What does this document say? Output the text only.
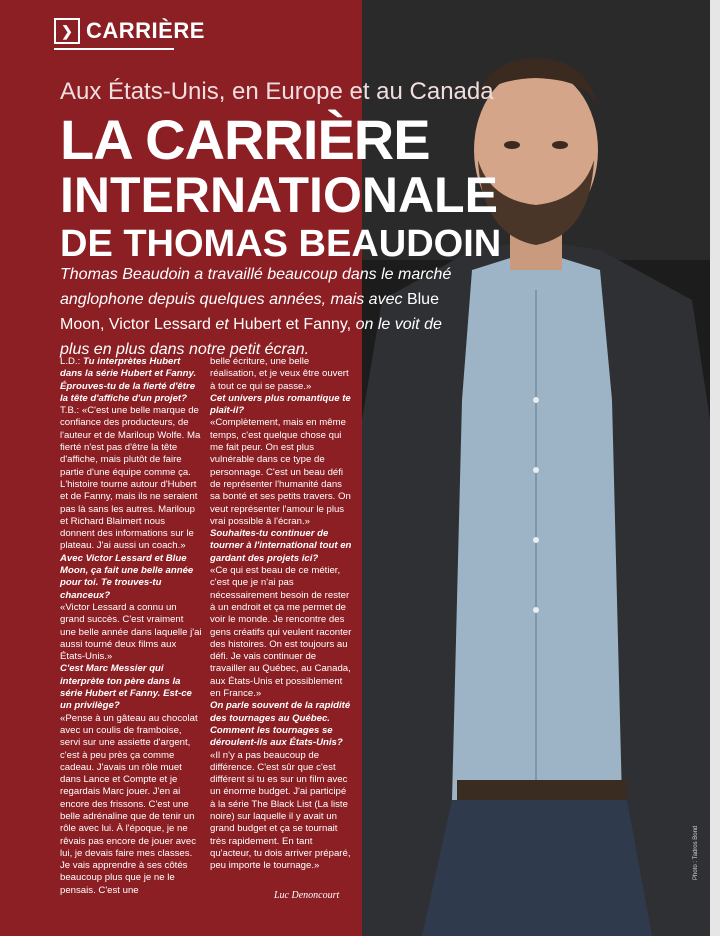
❯ CARRIÈRE
Aux États-Unis, en Europe et au Canada
LA CARRIÈRE
INTERNATIONALE
DE THOMAS BEAUDOIN
Thomas Beaudoin a travaillé beaucoup dans le marché anglophone depuis quelques années, mais avec Blue Moon, Victor Lessard et Hubert et Fanny, on le voit de plus en plus dans notre petit écran.

L.D.: Tu interprètes Hubert dans la série Hubert et Fanny. Éprouves-tu de la fierté d'être la tête d'affiche d'un projet?

T.B.: «C'est une belle marque de confiance des producteurs, de l'auteur et de Mariloup Wolfe. Ma fierté n'est pas d'être la tête d'affiche, mais plutôt de faire partie d'une équipe comme ça. L'histoire tourne autour d'Hubert et de Fanny, mais ils ne seraient pas là sans les autres. Mariloup et Richard Blaimert nous donnent des informations sur le plateau. J'ai aussi un coach.»

Avec Victor Lessard et Blue Moon, ça fait une belle année pour toi. Te trouves-tu chanceux?

«Victor Lessard a connu un grand succès. C'est vraiment une belle année dans laquelle j'ai aussi tourné deux films aux États-Unis.»

C'est Marc Messier qui interprète ton père dans la série Hubert et Fanny. Est-ce un privilège?

«Pense à un gâteau au chocolat avec un coulis de framboise, servi sur une assiette d'argent, c'est à peu près ça comme cadeau. J'avais un rôle muet dans Lance et Compte et je regardais Marc jouer. J'en ai encore des frissons. C'est une belle adrénaline que de tenir un rôle avec lui. À l'époque, je ne rêvais pas encore de jouer avec lui, je devais faire mes classes. Je vais apprendre à ses côtés beaucoup plus que je ne le pensais. C'est une

belle écriture, une belle réalisation, et je veux être ouvert à tout ce qui se passe.»

Cet univers plus romantique te plaît-il?

«Complètement, mais en même temps, c'est quelque chose qui me fait peur. On est plus vulnérable dans ce type de personnage. C'est un beau défi de représenter l'humanité dans sa bonté et ses petits travers. On veut représenter l'amour le plus vrai possible à l'écran.»

Souhaites-tu continuer de tourner à l'international tout en gardant des projets ici?

«Ce qui est beau de ce métier, c'est que je n'ai pas nécessairement besoin de rester à un endroit et ça me permet de voir le monde. Je rencontre des gens créatifs qui veulent raconter des histoires. On est toujours au défi. Je vais continuer de travailler au Québec, au Canada, aux États-Unis et possiblement en France.»

On parle souvent de la rapidité des tournages au Québec. Comment les tournages se déroulent-ils aux États-Unis?

«Il n'y a pas beaucoup de différence. C'est sûr que c'est différent si tu es sur un film avec un énorme budget. J'ai participé à la série The Black List (La liste noire) sur laquelle il y avait un grand budget et ça se tournait très rapidement. En tant qu'acteur, tu dois arriver préparé, peu importe le tournage.»

Luc Denoncourt
Photo : Tadros Bond
